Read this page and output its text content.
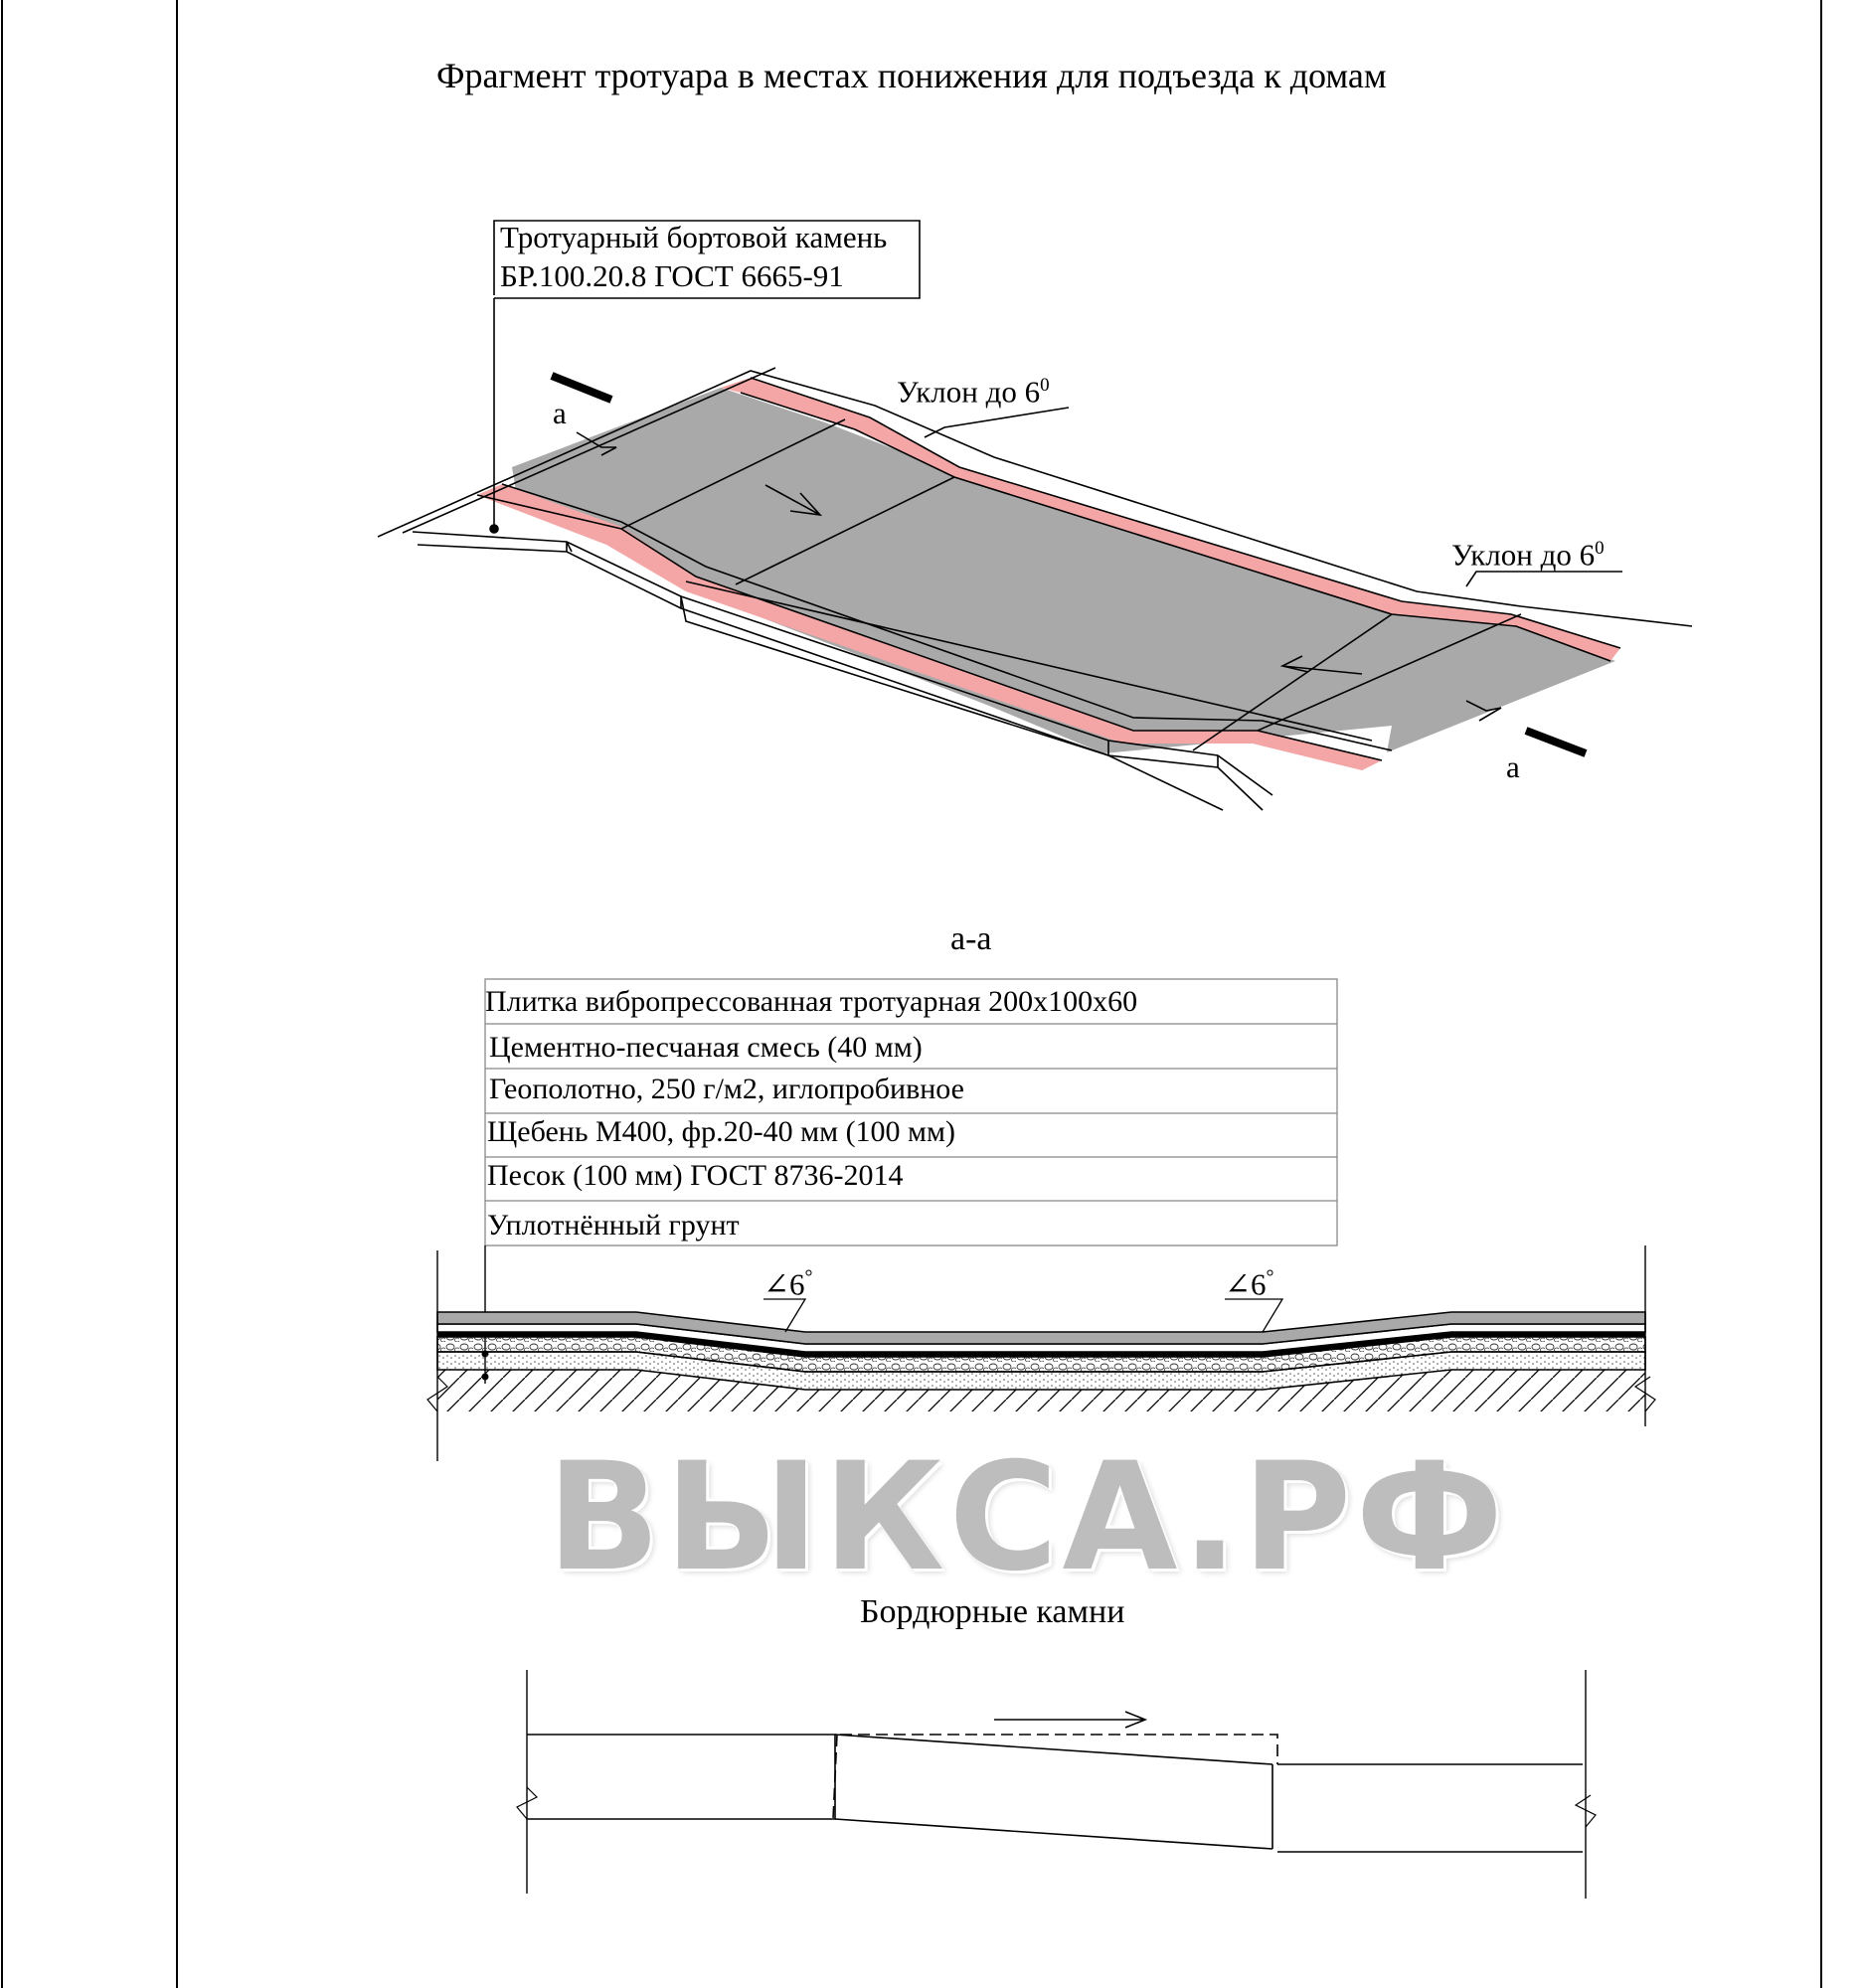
Фрагмент тротуара в местах понижения для подъезда к домам
Тротуарный бортовой камень
БР.100.20.8 ГОСТ 6665-91
Уклон до $6^0$
Уклон до $6^0$
а
а
а-а
Плитка вибропрессованная тротуарная 200х100х60
Цементно-песчаная смесь (40 мм)
Геополотно, 250 г/м2, иглопробивное
Щебень М400, фр.20-40 мм (100 мм)
Песок (100 мм) ГОСТ 8736-2014
Уплотнённый грунт
∠6°	∠6°
ВЫКСА.РФ
Бордюрные камни
